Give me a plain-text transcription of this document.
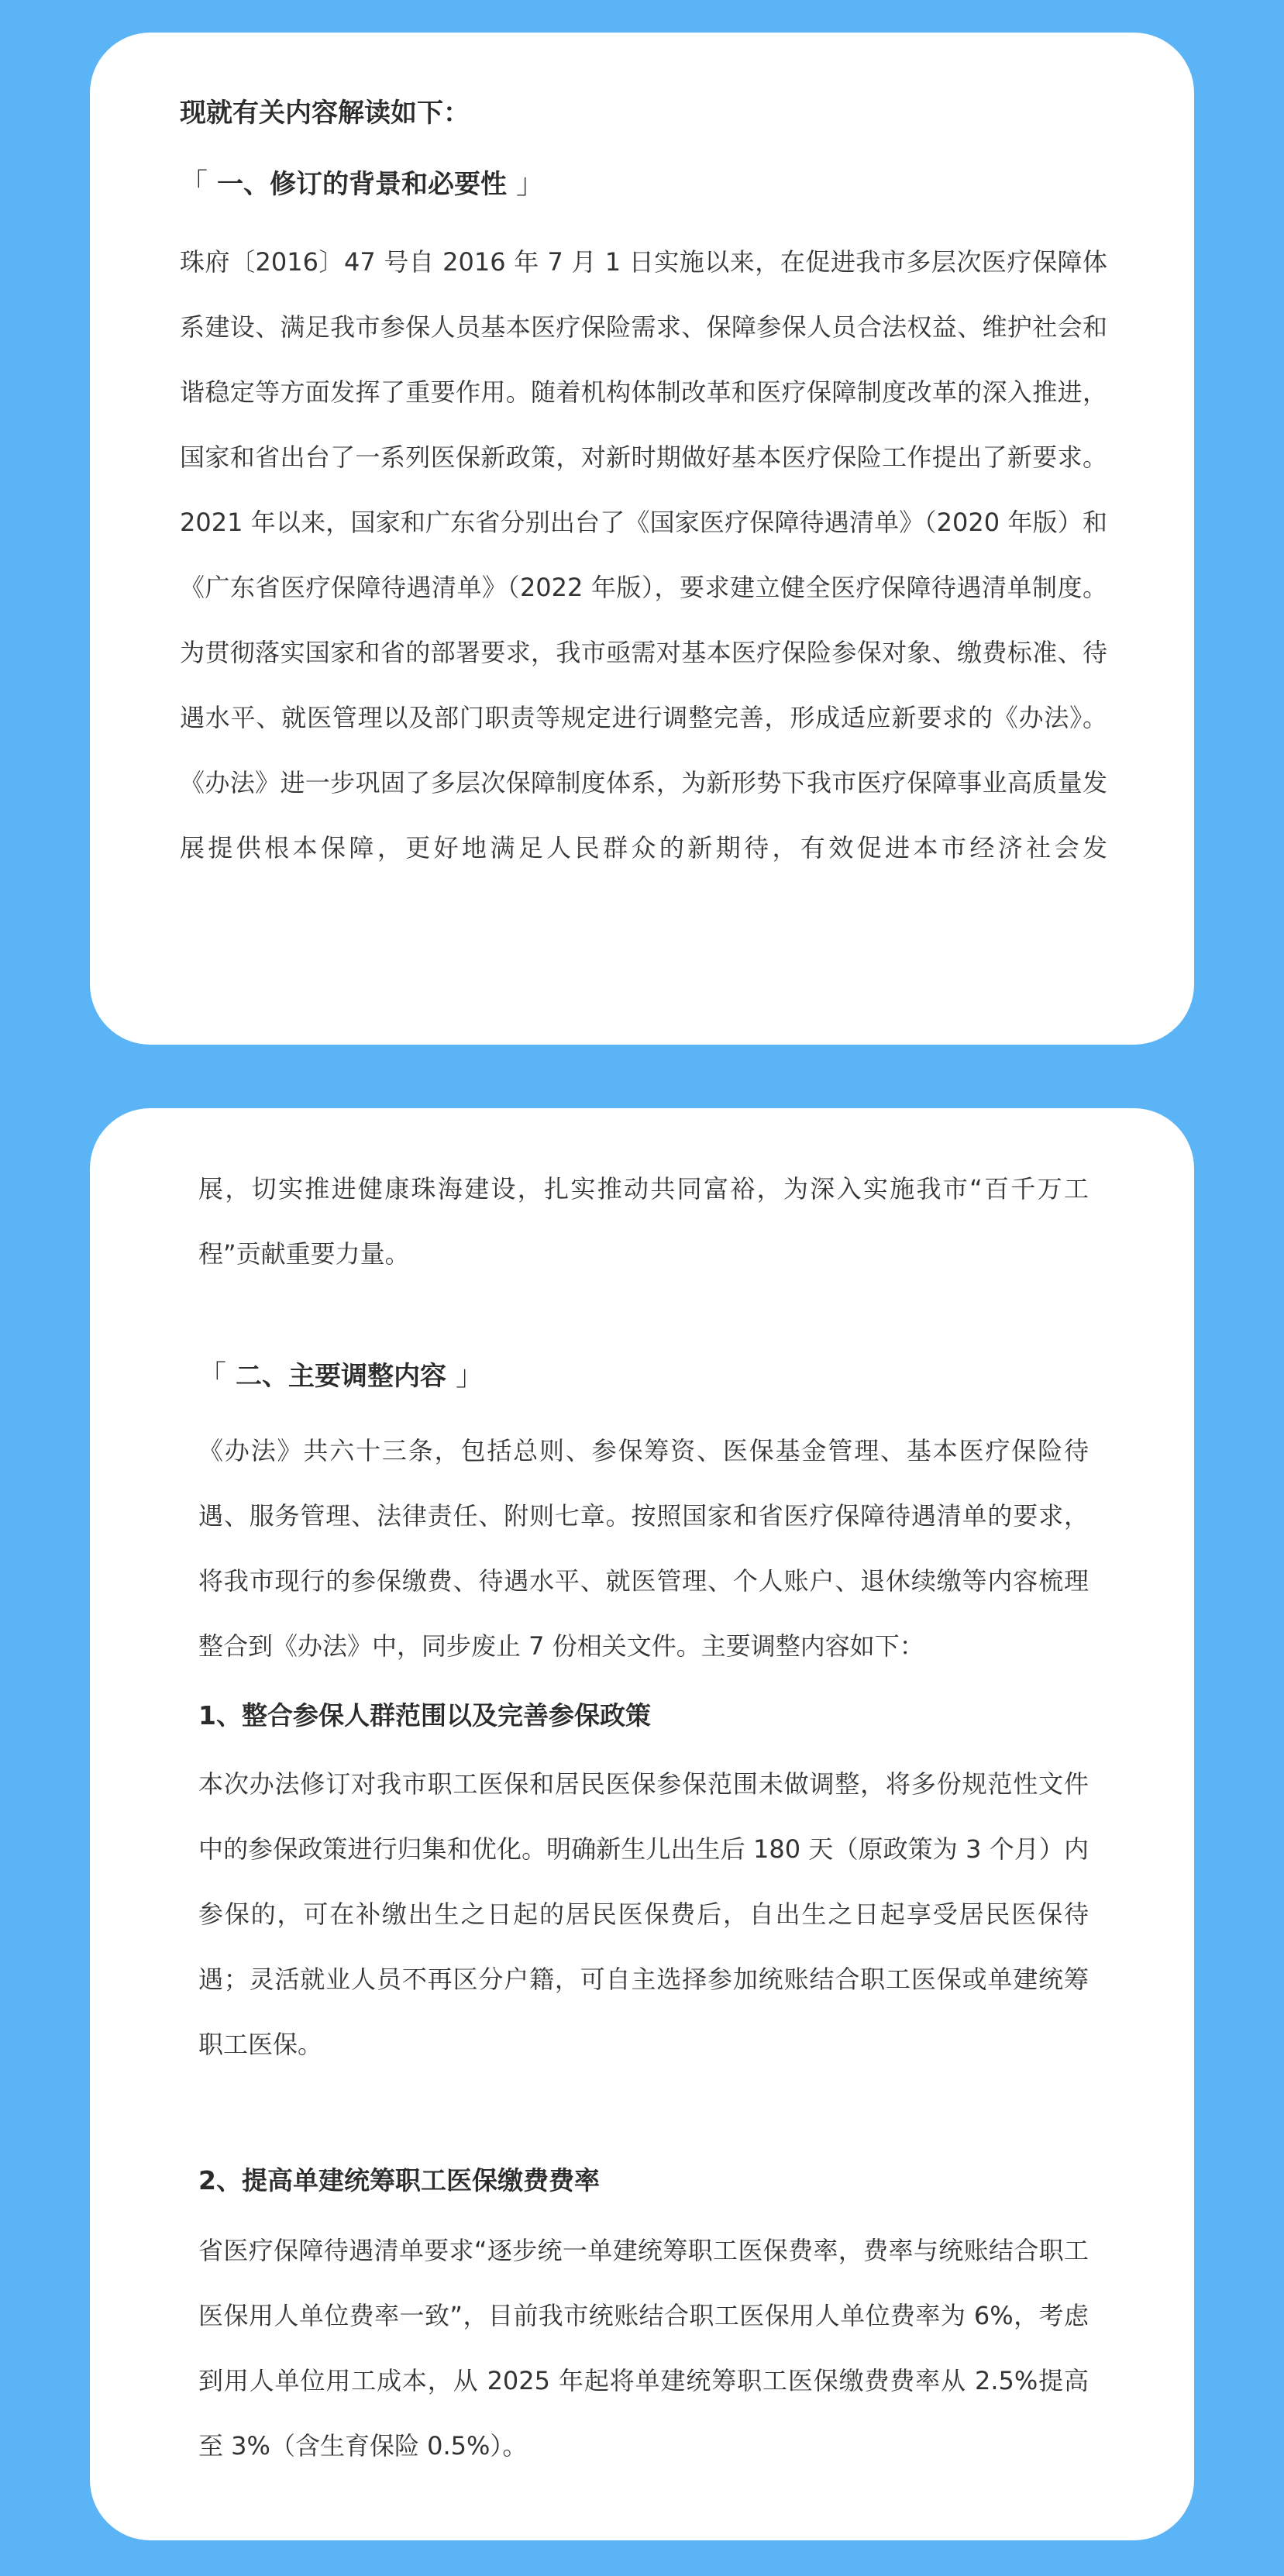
现就有关内容解读如下：
「 一、修订的背景和必要性 」

珠府〔2016〕47 号自 2016 年 7 月 1 日实施以来，在促进我市多层次医疗保障体系建设、满足我市参保人员基本医疗保险需求、保障参保人员合法权益、维护社会和谐稳定等方面发挥了重要作用。随着机构体制改革和医疗保障制度改革的深入推进，国家和省出台了一系列医保新政策，对新时期做好基本医疗保险工作提出了新要求。2021 年以来，国家和广东省分别出台了《国家医疗保障待遇清单》（2020 年版）和《广东省医疗保障待遇清单》（2022 年版），要求建立健全医疗保障待遇清单制度。为贯彻落实国家和省的部署要求，我市亟需对基本医疗保险参保对象、缴费标准、待遇水平、就医管理以及部门职责等规定进行调整完善，形成适应新要求的《办法》。《办法》进一步巩固了多层次保障制度体系，为新形势下我市医疗保障事业高质量发展提供根本保障，更好地满足人民群众的新期待，有效促进本市经济社会发

展，切实推进健康珠海建设，扎实推动共同富裕，为深入实施我市“百千万工程”贡献重要力量。

「 二、主要调整内容 」

《办法》共六十三条，包括总则、参保筹资、医保基金管理、基本医疗保险待遇、服务管理、法律责任、附则七章。按照国家和省医疗保障待遇清单的要求，将我市现行的参保缴费、待遇水平、就医管理、个人账户、退休续缴等内容梳理整合到《办法》中，同步废止 7 份相关文件。主要调整内容如下：

1、整合参保人群范围以及完善参保政策

本次办法修订对我市职工医保和居民医保参保范围未做调整，将多份规范性文件中的参保政策进行归集和优化。明确新生儿出生后 180 天（原政策为 3 个月）内参保的，可在补缴出生之日起的居民医保费后，自出生之日起享受居民医保待遇；灵活就业人员不再区分户籍，可自主选择参加统账结合职工医保或单建统筹职工医保。

2、提高单建统筹职工医保缴费费率

省医疗保障待遇清单要求“逐步统一单建统筹职工医保费率，费率与统账结合职工医保用人单位费率一致”，目前我市统账结合职工医保用人单位费率为 6%，考虑到用人单位用工成本，从 2025 年起将单建统筹职工医保缴费费率从 2.5%提高至 3%（含生育保险 0.5%）。
